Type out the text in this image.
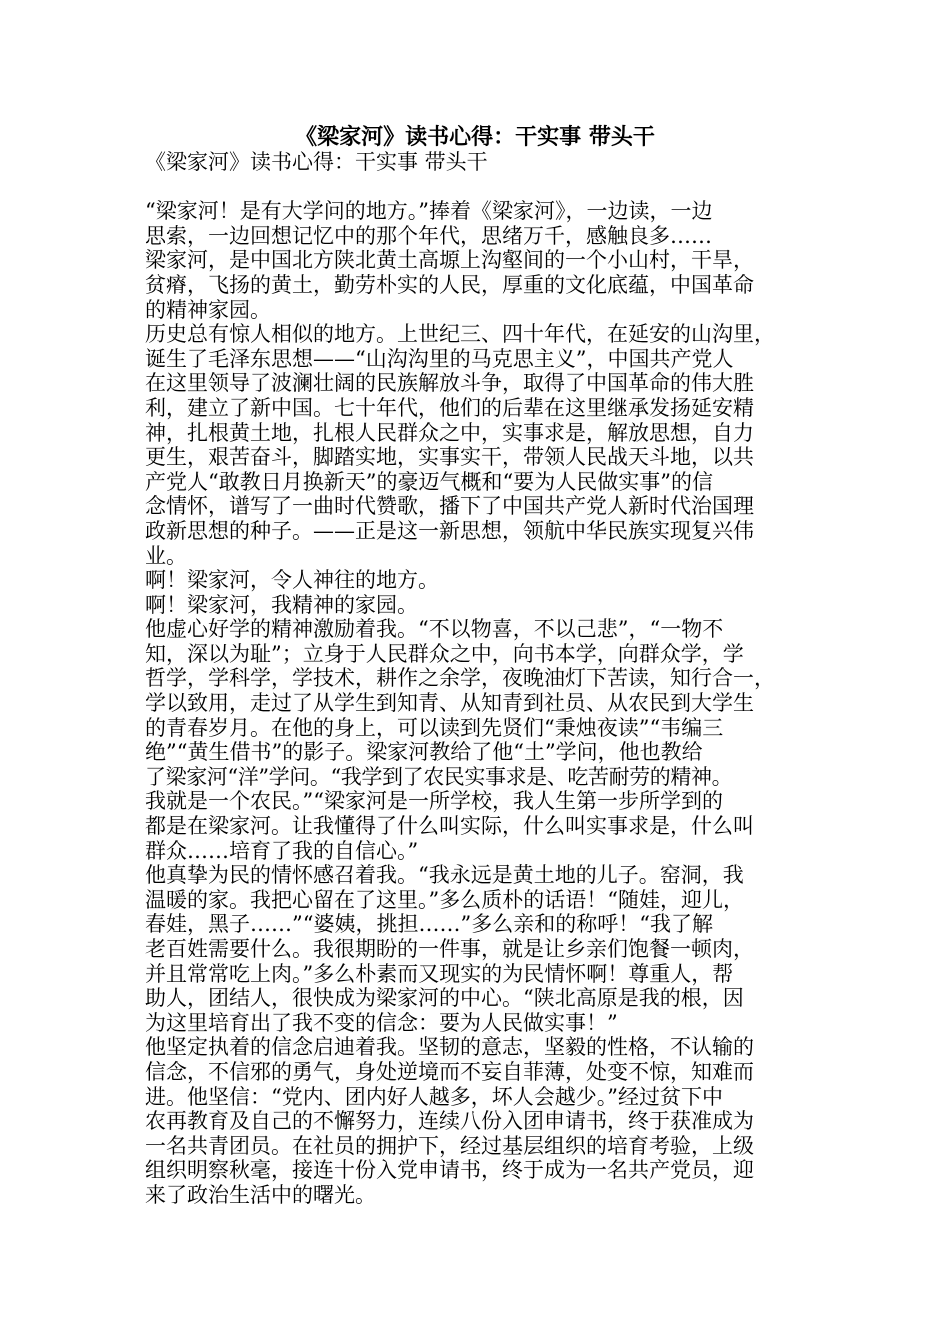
《梁家河》读书心得：干实事 带头干
《梁家河》读书心得：干实事 带头干
“梁家河！是有大学问的地方。”捧着《梁家河》，一边读，一边
思索，一边回想记忆中的那个年代，思绪万千，感触良多……
梁家河，是中国北方陕北黄土高塬上沟壑间的一个小山村，干旱，
贫瘠，飞扬的黄土，勤劳朴实的人民，厚重的文化底蕴，中国革命
的精神家园。
历史总有惊人相似的地方。上世纪三、四十年代，在延安的山沟里，
诞生了毛泽东思想——“山沟沟里的马克思主义”，中国共产党人
在这里领导了波澜壮阔的民族解放斗争，取得了中国革命的伟大胜
利，建立了新中国。七十年代，他们的后辈在这里继承发扬延安精
神，扎根黄土地，扎根人民群众之中，实事求是，解放思想，自力
更生，艰苦奋斗，脚踏实地，实事实干，带领人民战天斗地，以共
产党人“敢教日月换新天”的豪迈气概和“要为人民做实事”的信
念情怀，谱写了一曲时代赞歌，播下了中国共产党人新时代治国理
政新思想的种子。——正是这一新思想，领航中华民族实现复兴伟
业。
啊！梁家河，令人神往的地方。
啊！梁家河，我精神的家园。
他虚心好学的精神激励着我。“不以物喜，不以己悲”，“一物不
知，深以为耻”；立身于人民群众之中，向书本学，向群众学，学
哲学，学科学，学技术，耕作之余学，夜晚油灯下苦读，知行合一，
学以致用，走过了从学生到知青、从知青到社员、从农民到大学生
的青春岁月。在他的身上，可以读到先贤们“秉烛夜读”“韦编三
绝”“黄生借书”的影子。梁家河教给了他“土”学问，他也教给
了梁家河“洋”学问。“我学到了农民实事求是、吃苦耐劳的精神。
我就是一个农民。”“梁家河是一所学校，我人生第一步所学到的
都是在梁家河。让我懂得了什么叫实际，什么叫实事求是，什么叫
群众……培育了我的自信心。”
他真挚为民的情怀感召着我。“我永远是黄土地的儿子。窑洞，我
温暖的家。我把心留在了这里。”多么质朴的话语！“随娃，迎儿，
春娃，黑子……”“婆姨，挑担……”多么亲和的称呼！“我了解
老百姓需要什么。我很期盼的一件事，就是让乡亲们饱餐一顿肉，
并且常常吃上肉。”多么朴素而又现实的为民情怀啊！尊重人，帮
助人，团结人，很快成为梁家河的中心。“陕北高原是我的根，因
为这里培育出了我不变的信念：要为人民做实事！”
他坚定执着的信念启迪着我。坚韧的意志，坚毅的性格，不认输的
信念，不信邪的勇气，身处逆境而不妄自菲薄，处变不惊，知难而
进。他坚信：“党内、团内好人越多，坏人会越少。”经过贫下中
农再教育及自己的不懈努力，连续八份入团申请书，终于获准成为
一名共青团员。在社员的拥护下，经过基层组织的培育考验，上级
组织明察秋毫，接连十份入党申请书，终于成为一名共产党员，迎
来了政治生活中的曙光。
